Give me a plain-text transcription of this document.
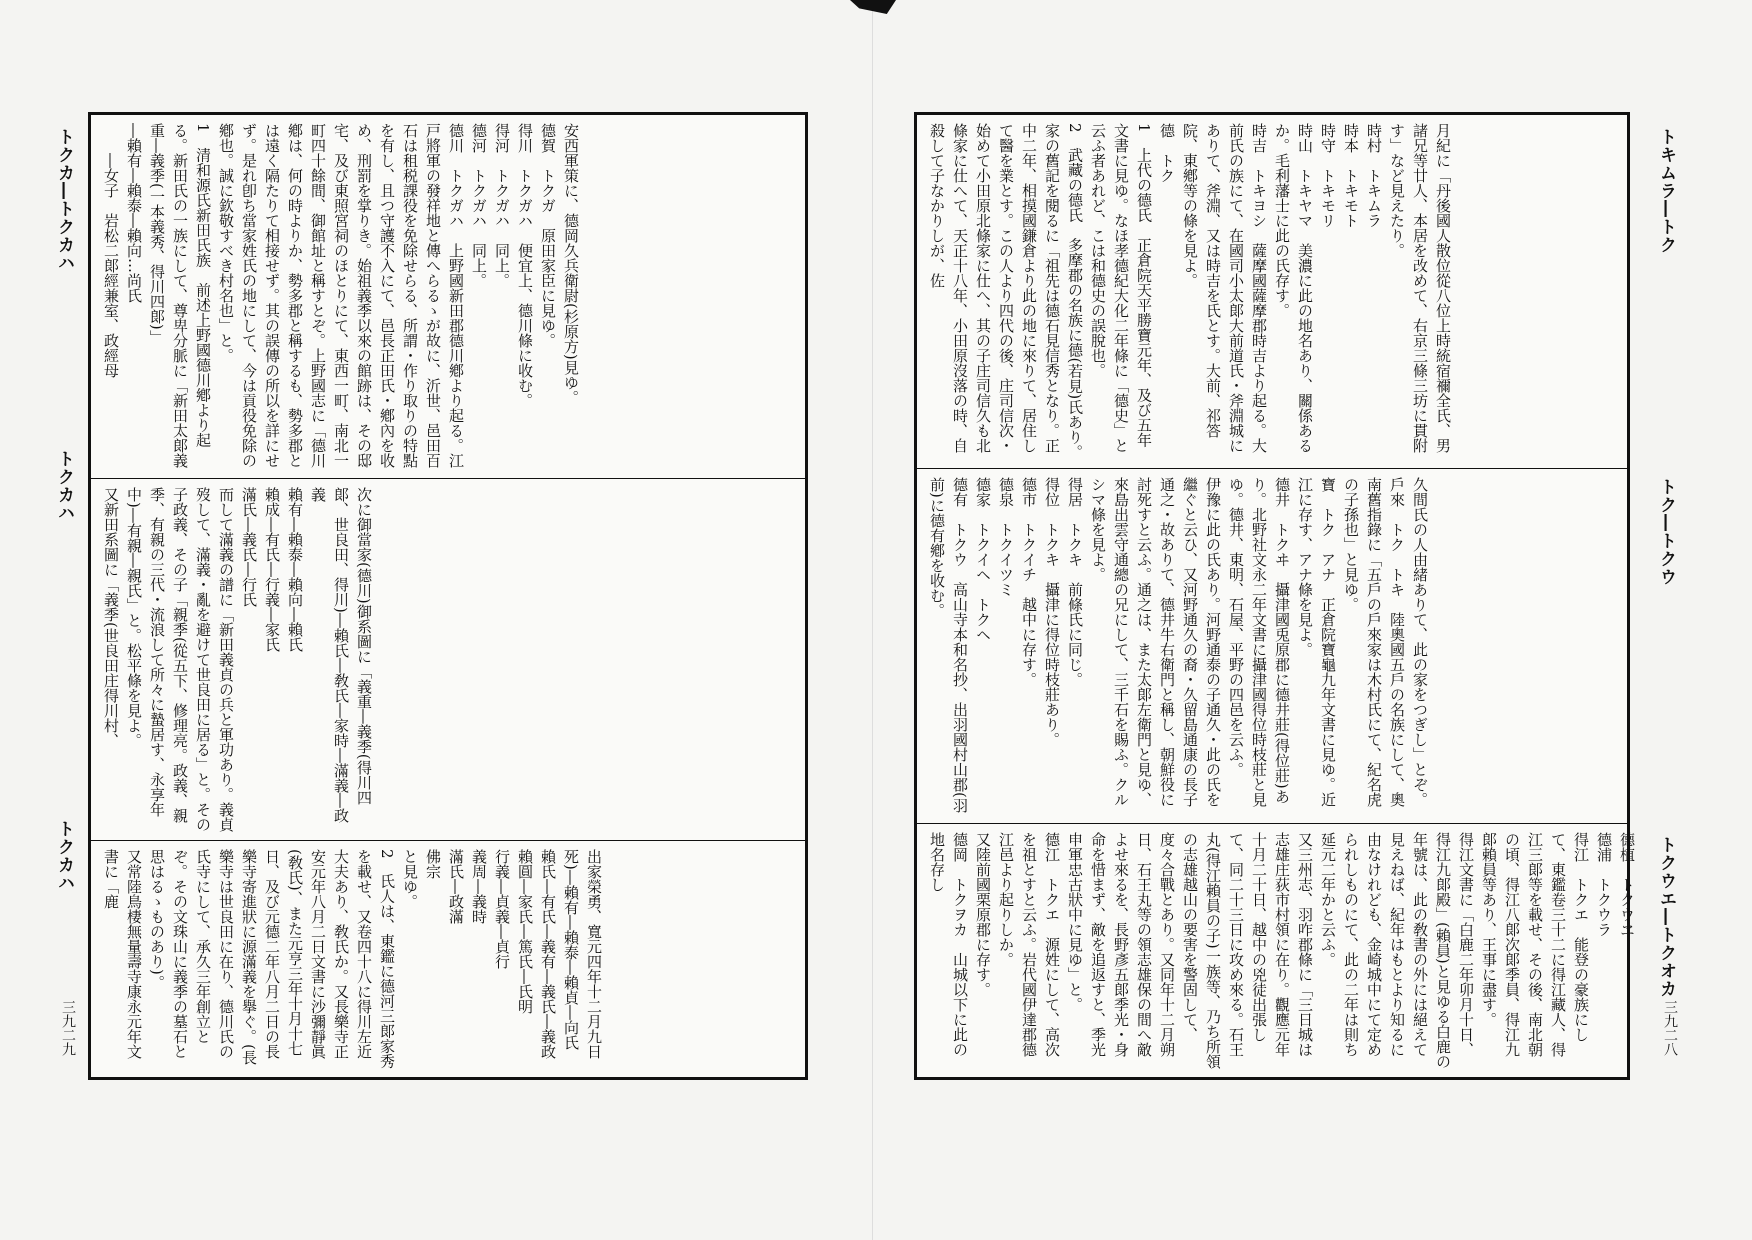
トクカ―トクカハ
トクカハ
トクカハ
三九二九
安西軍策に、德岡久兵衛尉(杉原方)見ゆ。
德賀　トクガ　原田家臣に見ゆ。
得川　トクガハ　便宜上、德川條に收む。
得河　トクガハ　同上。
德河　トクガハ　同上。
德川　トクガハ　上野國新田郡德川鄕より起る。江戸將軍の發祥地と傳へらるゝが故に、沂世、邑田百石は租税課役を免除せらる、所謂・作り取りの特點を有し、且つ守護不入にて、邑長正田氏・鄕內を收め、刑罰を掌りき。始祖義季以來の館跡は、その邸宅、及び東照宮祠のほとりにて、東西一町、南北一町四十餘間、御館址と稱すとぞ。上野國志に「德川鄕は、何の時よりか、勢多郡と稱するも、勢多郡とは遠く隔たりて相接せず。其の誤傳の所以を詳にせず。是れ卽ち當家姓氏の地にして、今は貢役免除の鄕也。誠に欽敬すべき村名也」と。
1　清和源氏新田氏族　前述上野國德川鄕より起る。新田氏の一族にして、尊卑分脈に「新田太郞義重―義季(一本義秀、得川四郞)」
―賴有―賴泰―賴向…尚氏
　　―女子　岩松二郞經兼室、政經母
次に御當家(德川)御系圖に「義重―義季(得川四郞、世良田、得川)―賴氏―敎氏―家時―滿義―政義
賴有―賴泰―賴向―賴氏
賴成―有氏―行義―家氏
滿氏―義氏―行氏
而して滿義の譜に「新田義貞の兵と軍功あり。義貞歿して、滿義・亂を避けて世良田に居る」と。その子政義、その子「親季(從五下、修理亮。政義、親季、有親の三代・流浪して所々に蟄居す、永享年中)―有親―親氏」と。松平條を見よ。
又新田系圖に「義季(世良田庄得川村、
出家榮勇、寬元四年十二月九日死)―賴有―賴泰―賴貞―向氏
賴氏―有氏―義有―義氏―義政
賴圓―家氏―篤氏―氏明
行義―貞義―貞行
義周―義時
滿氏―政滿
佛宗
と見ゆ。
2　氏人は、東鑑に德河三郞家秀を載せ、又卷四十八に得川左近大夫あり、敎氏か。又長樂寺正安元年八月二日文書に沙彌靜眞(敎氏)、また元亨三年十月十七日、及び元德二年八月二日の長樂寺寄進狀に源滿義を擧ぐ。(長樂寺は世良田に在り、德川氏の氏寺にして、承久三年創立とぞ。その文珠山に義季の墓石と思はるゝものあり)。
又常陸鳥棲無量壽寺康永元年文書に「鹿
月紀に「丹後國人散位從八位上時統宿禰全氏、男諸兄等廿人、本居を改めて、右京三條三坊に貫附す」など見えたり。
時村　トキムラ
時本　トキモト
時守　トキモリ
時山　トキヤマ　美濃に此の地名あり、關係あるか。毛利藩士に此の氏存す。
時吉　トキヨシ　薩摩國薩摩郡時吉より起る。大前氏の族にて、在國司小太郞大前道氏・斧淵城にありて、斧淵、又は時吉を氏とす。大前、祁答院、東鄕等の條を見よ。
德　トク
1　上代の德氏　正倉院天平勝寶元年、及び五年文書に見ゆ。なほ孝德紀大化二年條に「德史」と云ふ者あれど、こは和德史の誤脫也。
2　武藏の德氏　多摩郡の名族に德(若見)氏あり。家の舊記を閱るに「祖先は德石見信秀となり。正中二年、相摸國鎌倉より此の地に來りて、居住して醫を業とす。この人より四代の後、庄司信次・始めて小田原北條家に仕へ、其の子庄司信久も北條家に仕へて、天正十八年、小田原沒落の時、自殺して子なかりしが、佐
久間氏の人由緒ありて、此の家をつぎし」とぞ。
戶來　トク　トキ　陸奧國五戶の名族にして、奧南舊指錄に「五戶の戶來家は木村氏にて、紀名虎の子孫也」と見ゆ。
寶　トク　アナ　正倉院寶龜九年文書に見ゆ。近江に存す、アナ條を見よ。
德井　トクヰ　攝津國兎原郡に德井莊(得位莊)あり。北野社文永二年文書に攝津國得位時枝莊と見ゆ。德井、東明、石屋、平野の四邑を云ふ。
伊豫に此の氏あり。河野通泰の子通久・此の氏を繼ぐと云ひ、又河野通久の裔・久留島通康の長子通之・故ありて、德井牛右衛門と稱し、朝鮮役に討死すと云ふ。通之は、また太郞左衛門と見ゆ、來島出雲守通總の兄にして、三千石を賜ふ。クルシマ條を見よ。
得居　トクキ　前條氏に同じ。
得位　トクキ　攝津に得位時枝莊あり。
德市　トクイチ　越中に存す。
德泉　トクイツミ
德家　トクイヘ　トクヘ
德有　トクウ　高山寺本和名抄、出羽國村山郡(羽前)に德有鄕を收む。
德植　トクウヱ
德浦　トクウラ
得江　トクエ　能登の豪族にして、東鑑卷三十二に得江藏人、得江三郞等を載せ、その後、南北朝の頃、得江八郞次郞季員、得江九郞賴員等あり、王事に盡す。
得江文書に「白鹿二年卯月十日、得江九郞殿」(賴員)と見ゆる白鹿の年號は、此の敎書の外には絕えて見えねば、紀年はもとより知るに由なけれども、金崎城中にて定められしものにて、此の二年は則ち延元二年かと云ふ。
又三州志、羽咋郡條に「三日城は志雄庄荻市村領に在り。觀應元年十月二十日、越中の兇徒出張して、同二十三日に攻め來る。石王丸(得江賴員の子)一族等、乃ち所領の志雄越山の要害を警固して、度々合戰とあり。又同年十二月朔日、石王丸等の領志雄保の間へ敵よせ來るを、長野彥五郞季光・身命を惜まず、敵を追返すと、季光申軍忠古狀中に見ゆ」と。
德江　トクエ　源姓にして、高次を祖とすと云ふ。岩代國伊達郡德江邑より起りしか。
又陸前國栗原郡に存す。
德岡　トクヲカ　山城以下に此の地名存し
トキムラ―トク
トク―トクウ
トクウエ―トクオカ
三九二八
